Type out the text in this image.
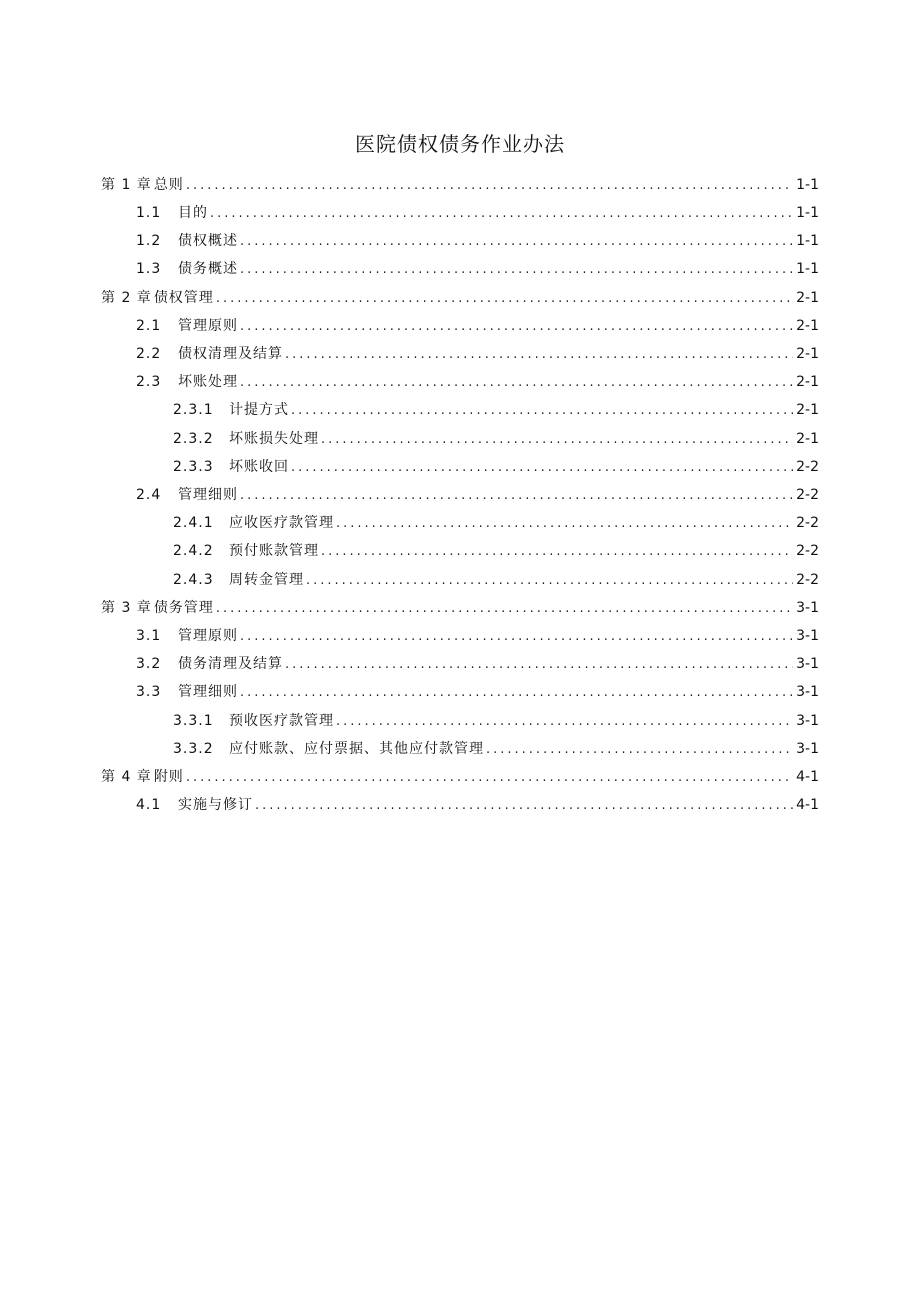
医院债权债务作业办法
第 1 章 总则 .....	1-1
1.1	目的 .....	1-1
1.2	债权概述 .....	1-1
1.3	债务概述 .....	1-1
第 2 章 债权管理 .....	2-1
2.1	管理原则 .....	2-1
2.2	债权清理及结算 .....	2-1
2.3	坏账处理 .....	2-1
2.3.1	计提方式 .....	2-1
2.3.2	坏账损失处理 .....	2-1
2.3.3	坏账收回 .....	2-2
2.4	管理细则 .....	2-2
2.4.1	应收医疗款管理 .....	2-2
2.4.2	预付账款管理 .....	2-2
2.4.3	周转金管理 .....	2-2
第 3 章 债务管理 .....	3-1
3.1	管理原则 .....	3-1
3.2	债务清理及结算 .....	3-1
3.3	管理细则 .....	3-1
3.3.1	预收医疗款管理 .....	3-1
3.3.2	应付账款、应付票据、其他应付款管理 .....	3-1
第 4 章 附则 .....	4-1
4.1	实施与修订 .....	4-1
